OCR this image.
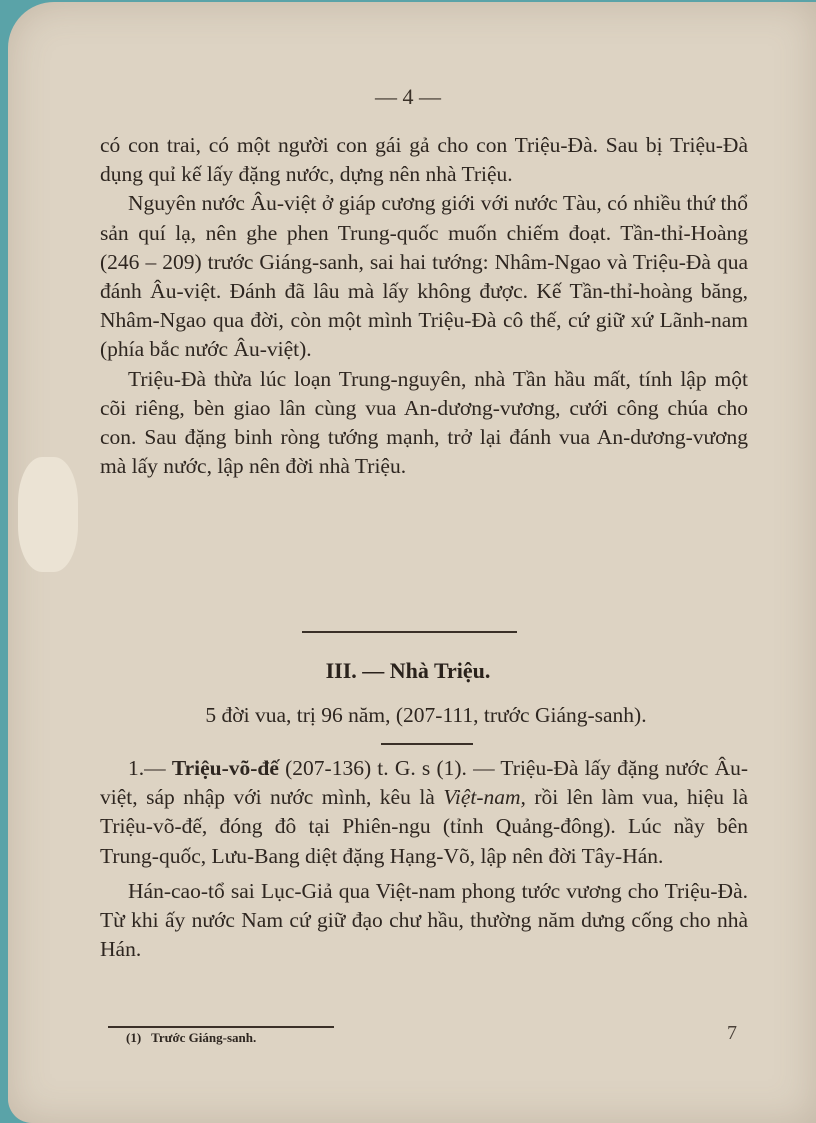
— 4 —

có con trai, có một người con gái gả cho con Triệu-Đà. Sau bị Triệu-Đà dụng quỉ kế lấy đặng nước, dựng nên nhà Triệu.

Nguyên nước Âu-việt ở giáp cương giới với nước Tàu, có nhiều thứ thổ sản quí lạ, nên ghe phen Trung-quốc muốn chiếm đoạt. Tần-thỉ-Hoàng (246 – 209) trước Giáng-sanh, sai hai tướng: Nhâm-Ngao và Triệu-Đà qua đánh Âu-việt. Đánh đã lâu mà lấy không được. Kế Tần-thỉ-hoàng băng, Nhâm-Ngao qua đời, còn một mình Triệu-Đà cô thế, cứ giữ xứ Lãnh-nam (phía bắc nước Âu-việt).

Triệu-Đà thừa lúc loạn Trung-nguyên, nhà Tần hầu mất, tính lập một cõi riêng, bèn giao lân cùng vua An-dương-vương, cưới công chúa cho con. Sau đặng binh ròng tướng mạnh, trở lại đánh vua An-dương-vương mà lấy nước, lập nên đời nhà Triệu.

III. — Nhà Triệu.
5 đời vua, trị 96 năm, (207-111, trước Giáng-sanh).

1.— Triệu-võ-đế (207-136) t. G. s (1). — Triệu-Đà lấy đặng nước Âu-việt, sáp nhập với nước mình, kêu là Việt-nam, rồi lên làm vua, hiệu là Triệu-võ-đế, đóng đô tại Phiên-ngu (tỉnh Quảng-đông). Lúc nầy bên Trung-quốc, Lưu-Bang diệt đặng Hạng-Võ, lập nên đời Tây-Hán.

Hán-cao-tổ sai Lục-Giả qua Việt-nam phong tước vương cho Triệu-Đà. Từ khi ấy nước Nam cứ giữ đạo chư hầu, thường năm dưng cống cho nhà Hán.

(1) Trước Giáng-sanh.	7
